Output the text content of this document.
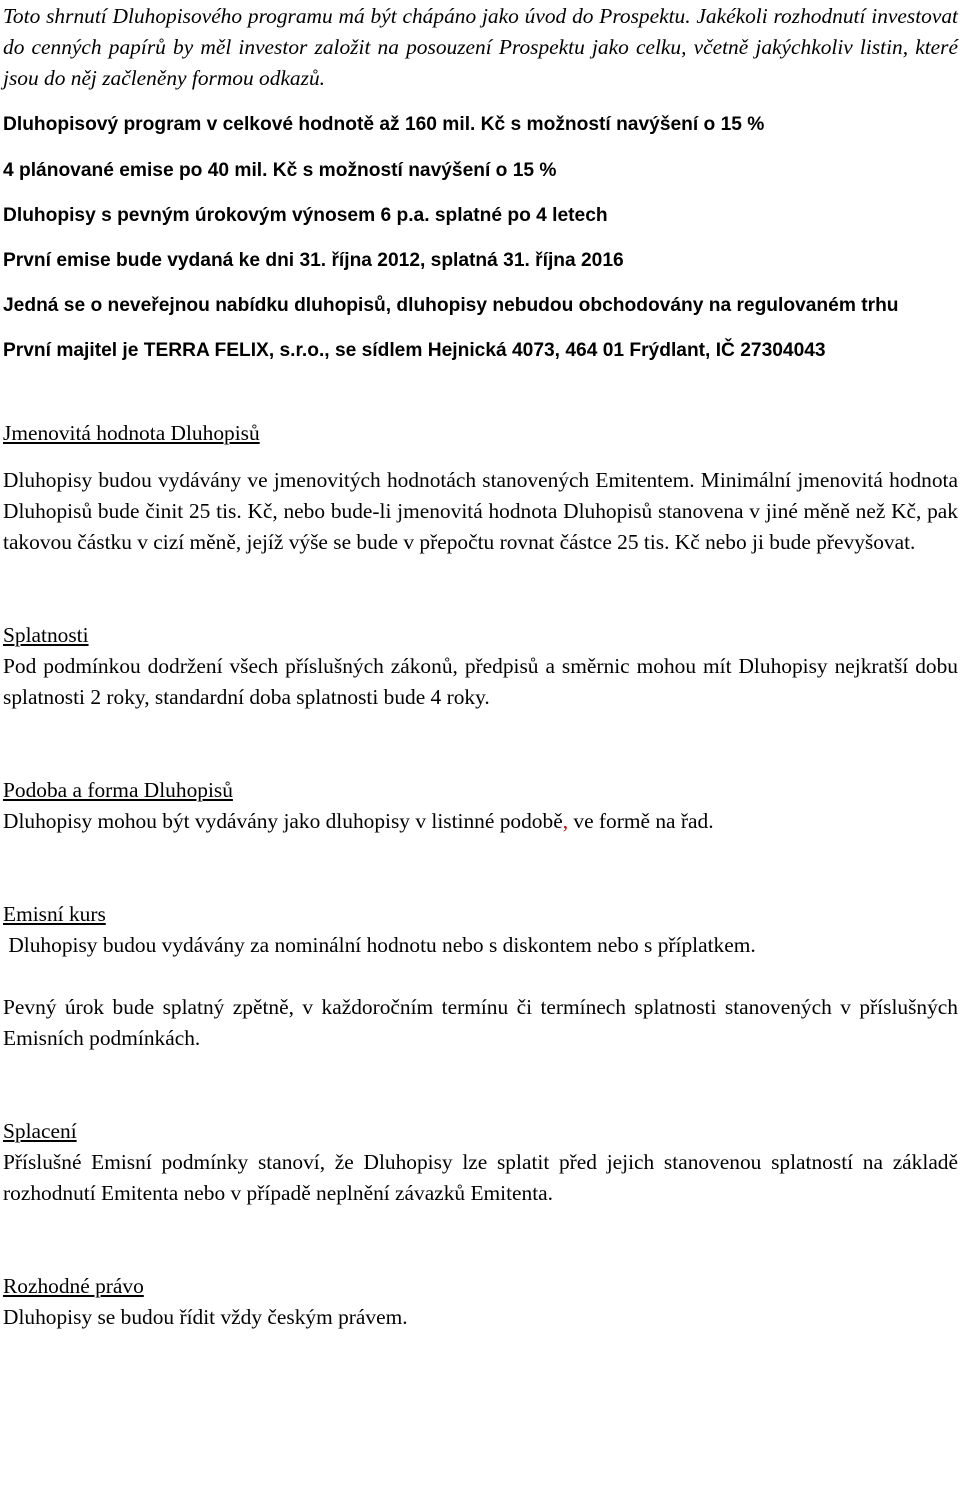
Toto shrnutí Dluhopisového programu má být chápáno jako úvod do Prospektu. Jakékoli rozhodnutí investovat do cenných papírů by měl investor založit na posouzení Prospektu jako celku, včetně jakýchkoliv listin, které jsou do něj začleněny formou odkazů.

Dluhopisový program v celkové hodnotě až 160 mil. Kč s možností navýšení o 15 %

4 plánované emise po 40 mil. Kč s možností navýšení o 15 %

Dluhopisy s pevným úrokovým výnosem 6 p.a. splatné po 4 letech

První emise bude vydaná ke dni 31. října 2012, splatná 31. října 2016

Jedná se o neveřejnou nabídku dluhopisů, dluhopisy nebudou obchodovány na regulovaném trhu

První majitel je TERRA FELIX, s.r.o., se sídlem Hejnická 4073, 464 01 Frýdlant, IČ 27304043

Jmenovitá hodnota Dluhopisů

Dluhopisy budou vydávány ve jmenovitých hodnotách stanovených Emitentem. Minimální jmenovitá hodnota Dluhopisů bude činit 25 tis. Kč, nebo bude-li jmenovitá hodnota Dluhopisů stanovena v jiné měně než Kč, pak takovou částku v cizí měně, jejíž výše se bude v přepočtu rovnat částce 25 tis. Kč nebo ji bude převyšovat.

Splatnosti

Pod podmínkou dodržení všech příslušných zákonů, předpisů a směrnic mohou mít Dluhopisy nejkratší dobu splatnosti 2 roky, standardní doba splatnosti bude 4 roky.

Podoba a forma Dluhopisů

Dluhopisy mohou být vydávány jako dluhopisy v listinné podobě, ve formě na řad.

Emisní kurs

Dluhopisy budou vydávány za nominální hodnotu nebo s diskontem nebo s příplatkem.

Pevný úrok bude splatný zpětně, v každoročním termínu či termínech splatnosti stanovených v příslušných Emisních podmínkách.

Splacení

Příslušné Emisní podmínky stanoví, že Dluhopisy lze splatit před jejich stanovenou splatností na základě rozhodnutí Emitenta nebo v případě neplnění závazků Emitenta.

Rozhodné právo

Dluhopisy se budou řídit vždy českým právem.
